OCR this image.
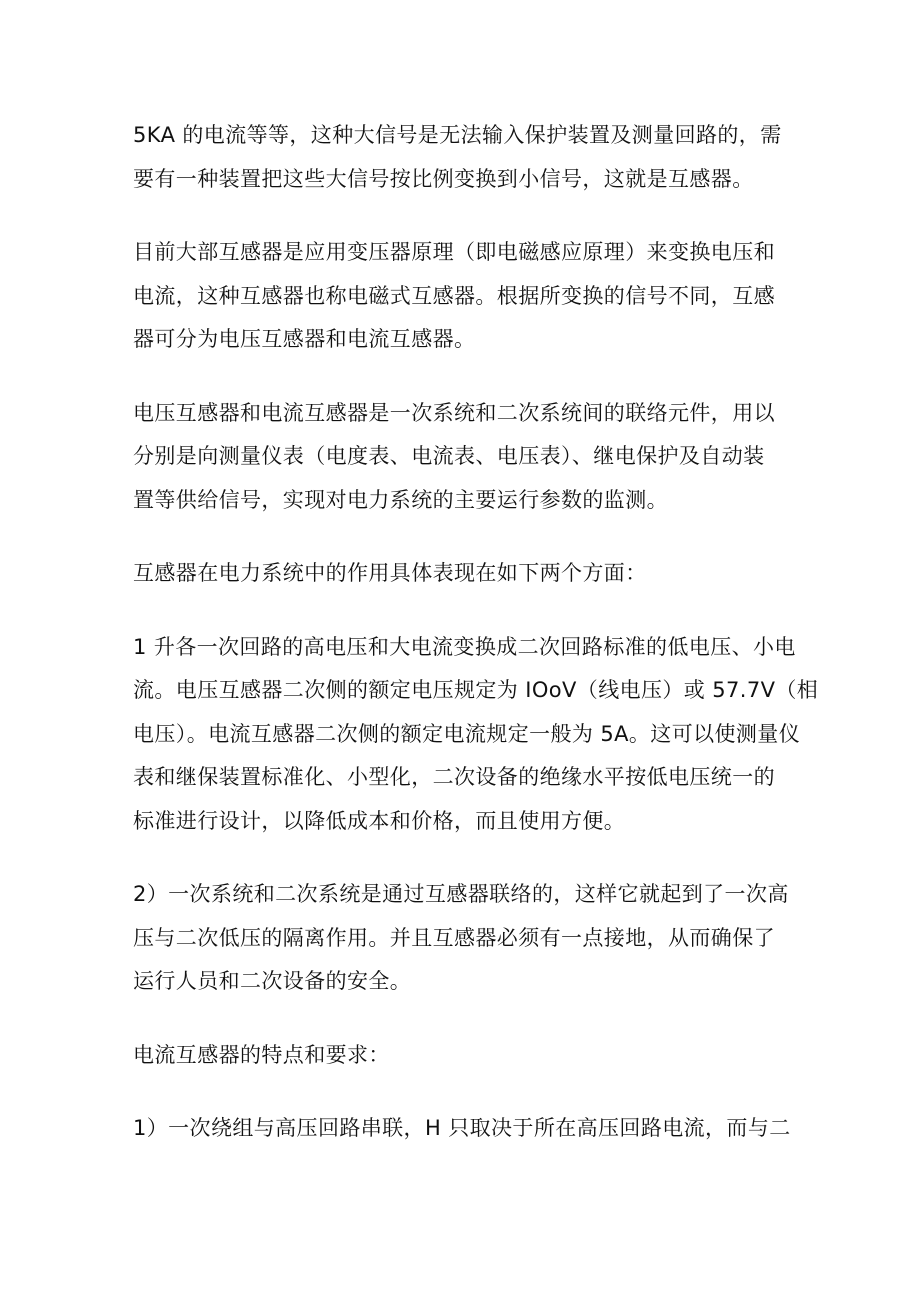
5KA 的电流等等，这种大信号是无法输入保护装置及测量回路的，需
要有一种装置把这些大信号按比例变换到小信号，这就是互感器。

目前大部互感器是应用变压器原理（即电磁感应原理）来变换电压和
电流，这种互感器也称电磁式互感器。根据所变换的信号不同，互感
器可分为电压互感器和电流互感器。

电压互感器和电流互感器是一次系统和二次系统间的联络元件，用以
分别是向测量仪表（电度表、电流表、电压表）、继电保护及自动装
置等供给信号，实现对电力系统的主要运行参数的监测。

互感器在电力系统中的作用具体表现在如下两个方面：

1 升各一次回路的高电压和大电流变换成二次回路标准的低电压、小电
流。电压互感器二次侧的额定电压规定为 IOoV（线电压）或 57.7V（相
电压）。电流互感器二次侧的额定电流规定一般为 5A。这可以使测量仪
表和继保装置标准化、小型化，二次设备的绝缘水平按低电压统一的
标准进行设计，以降低成本和价格，而且使用方便。

2）一次系统和二次系统是通过互感器联络的，这样它就起到了一次高
压与二次低压的隔离作用。并且互感器必须有一点接地，从而确保了
运行人员和二次设备的安全。

电流互感器的特点和要求：

1）一次绕组与高压回路串联，H 只取决于所在高压回路电流，而与二
